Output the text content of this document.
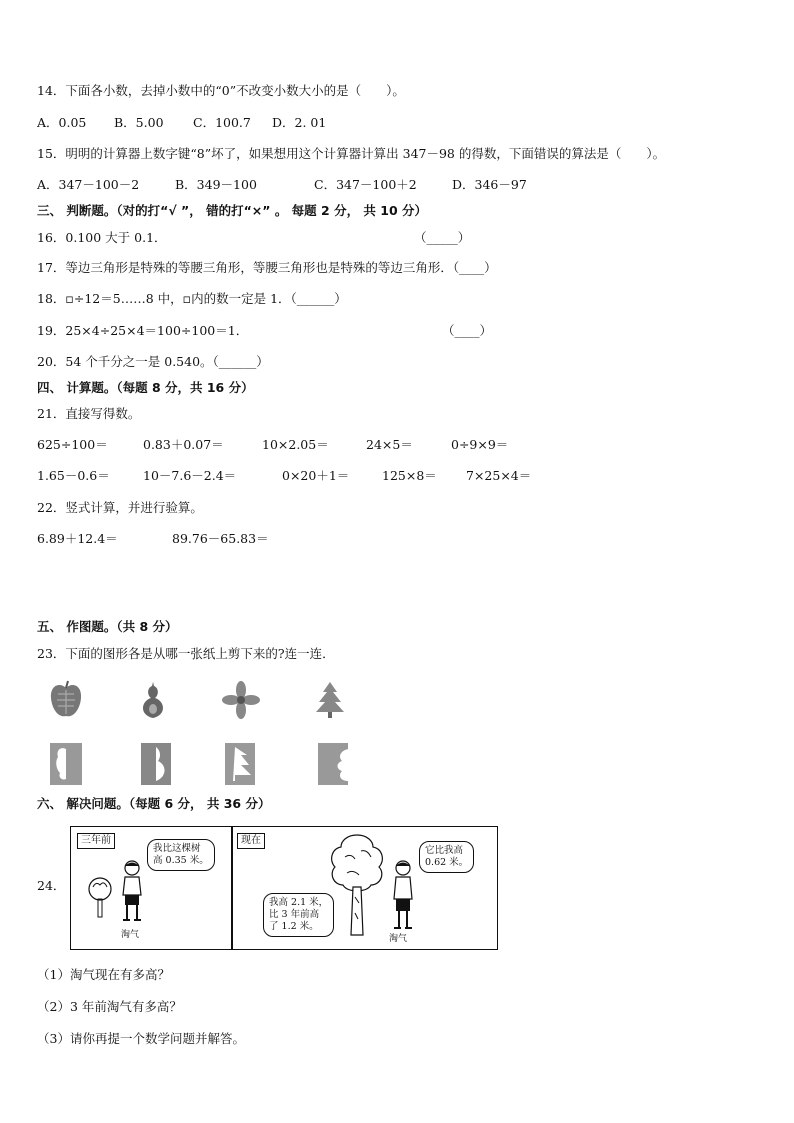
14．下面各小数，去掉小数中的“0”不改变小数大小的是（　　）。
A．0.05 B．5.00 C．100.7 D．2. 01
15．明明的计算器上数字键“8”坏了，如果想用这个计算器计算出 347－98 的得数，下面错误的算法是（　　）。
A．347－100－2	B．349－100	C．347－100＋2	D．346－97
三、 判断题。（对的打“√ ”， 错的打“×” 。 每题 2 分， 共 10 分）
16．0.100 大于 0.1．	（_____）
17．等边三角形是特殊的等腰三角形，等腰三角形也是特殊的等边三角形．（____）
18．▫÷12＝5……8 中，▫内的数一定是 1．（______）
19．25×4÷25×4＝100÷100＝1．	（____）
20．54 个千分之一是 0.540。（______）
四、 计算题。（每题 8 分，共 16 分）
21．直接写得数。
625÷100＝	0.83＋0.07＝	10×2.05＝	24×5＝	0÷9×9＝
1.65－0.6＝	10－7.6－2.4＝	0×20＋1＝	125×8＝ 7×25×4＝
22．竖式计算，并进行验算。
6.89＋12.4＝	89.76－65.83＝
五、 作图题。（共 8 分）
23．下面的图形各是从哪一张纸上剪下来的?连一连．
六、 解决问题。（每题 6 分， 共 36 分）
24．
三年前
我比这棵树
高 0.35 米。
淘气
现在
我高 2.1 米，
比 3 年前高
了 1.2 米。
它比我高
0.62 米。
淘气
（1）淘气现在有多高？
（2）3 年前淘气有多高？
（3）请你再提一个数学问题并解答。
